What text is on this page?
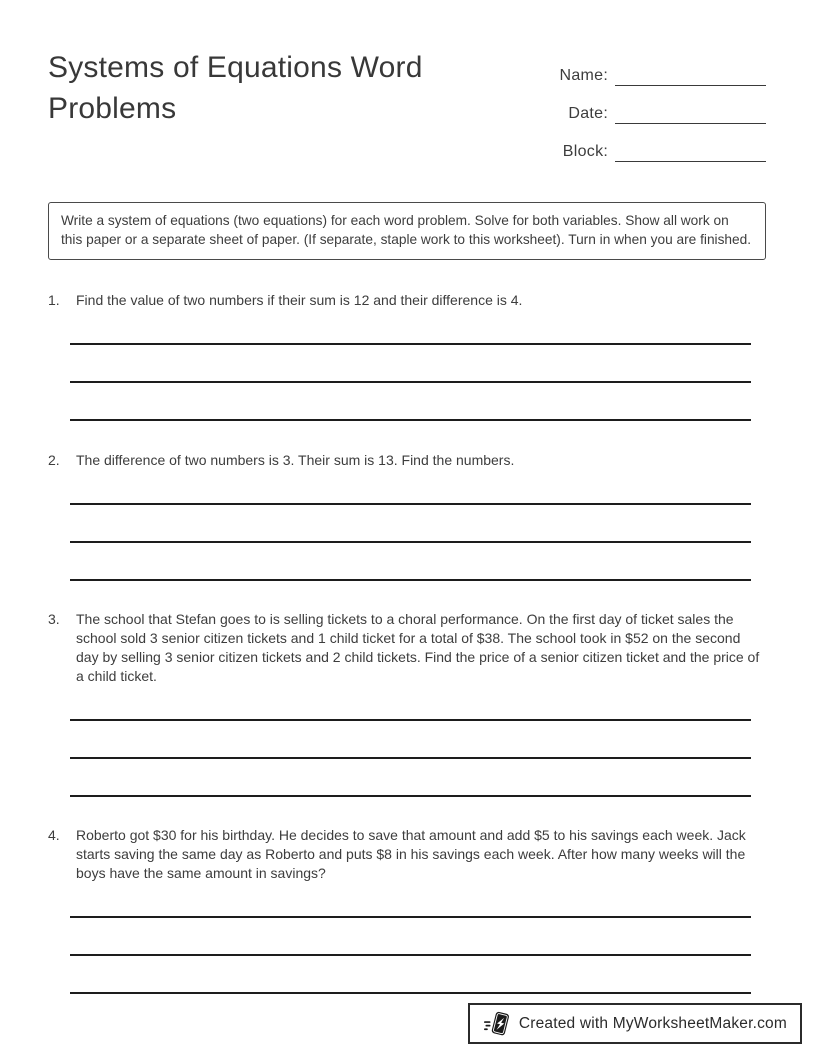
Systems of Equations Word Problems
Name:
Date:
Block:
Write a system of equations (two equations) for each word problem. Solve for both variables. Show all work on this paper or a separate sheet of paper. (If separate, staple work to this worksheet). Turn in when you are finished.
1.	Find the value of two numbers if their sum is 12 and their difference is 4.
2.	The difference of two numbers is 3. Their sum is 13. Find the numbers.
3.	The school that Stefan goes to is selling tickets to a choral performance. On the first day of ticket sales the school sold 3 senior citizen tickets and 1 child ticket for a total of $38. The school took in $52 on the second day by selling 3 senior citizen tickets and 2 child tickets. Find the price of a senior citizen ticket and the price of a child ticket.
4.	Roberto got $30 for his birthday. He decides to save that amount and add $5 to his savings each week. Jack starts saving the same day as Roberto and puts $8 in his savings each week. After how many weeks will the boys have the same amount in savings?
Created with MyWorksheetMaker.com
